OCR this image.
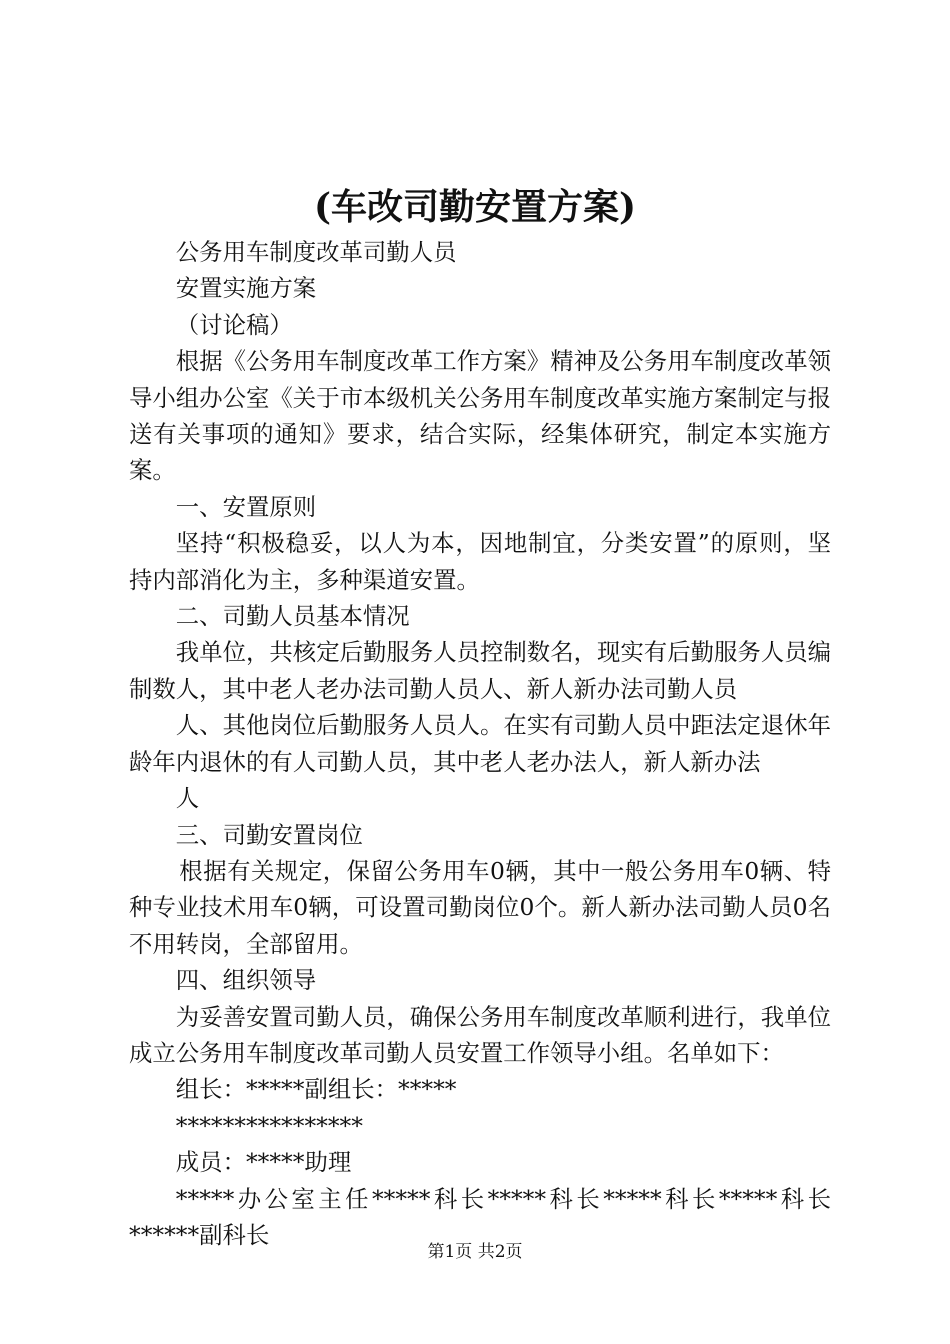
(车改司勤安置方案)

公务用车制度改革司勤人员

安置实施方案

（讨论稿）

根据《公务用车制度改革工作方案》精神及公务用车制度改革领导小组办公室《关于市本级机关公务用车制度改革实施方案制定与报送有关事项的通知》要求，结合实际，经集体研究，制定本实施方案。

一、安置原则

坚持“积极稳妥，以人为本，因地制宜，分类安置”的原则，坚持内部消化为主，多种渠道安置。

二、司勤人员基本情况

我单位，共核定后勤服务人员控制数名，现实有后勤服务人员编制数人，其中老人老办法司勤人员人、新人新办法司勤人员

人、其他岗位后勤服务人员人。在实有司勤人员中距法定退休年龄年内退休的有人司勤人员，其中老人老办法人，新人新办法

人

三、司勤安置岗位

根据有关规定，保留公务用车0辆，其中一般公务用车0辆、特种专业技术用车0辆，可设置司勤岗位0个。新人新办法司勤人员0名不用转岗，全部留用。

四、组织领导

为妥善安置司勤人员，确保公务用车制度改革顺利进行，我单位成立公务用车制度改革司勤人员安置工作领导小组。名单如下：

组长：*****副组长：*****

****************

成员：*****助理

*****办公室主任*****科长*****科长*****科长*****科长******副科长

第1页 共2页
